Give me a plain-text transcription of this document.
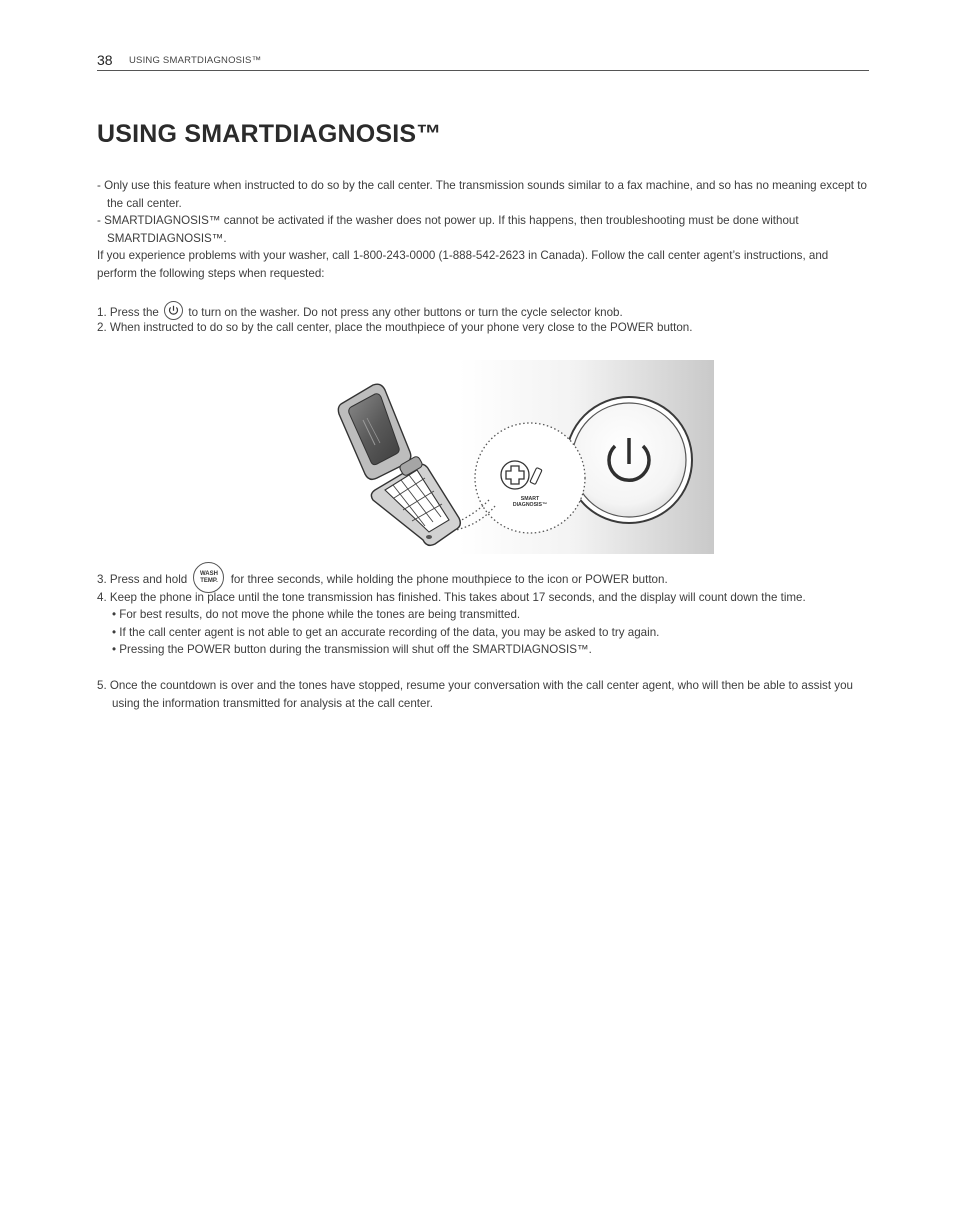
38 USING SMARTDIAGNOSIS™
USING SMARTDIAGNOSIS™

- Only use this feature when instructed to do so by the call center. The transmission sounds similar to a fax machine, and so has no meaning except to the call center.

- SMARTDIAGNOSIS™ cannot be activated if the washer does not power up. If this happens, then troubleshooting must be done without SMARTDIAGNOSIS™.

If you experience problems with your washer, call 1-800-243-0000 (1-888-542-2623 in Canada). Follow the call center agent’s instructions, and perform the following steps when requested:

1. Press the	to turn on the washer. Do not press any other buttons or turn the cycle selector knob.

2. When instructed to do so by the call center, place the mouthpiece of your phone very close to the POWER button.

SMART
DIAGNOSIS™

3. Press and hold	WASH
TEMP.	for three seconds, while holding the phone mouthpiece to the icon or POWER button.

4. Keep the phone in place until the tone transmission has finished. This takes about 17 seconds, and the display will count down the time.

• For best results, do not move the phone while the tones are being transmitted.

• If the call center agent is not able to get an accurate recording of the data, you may be asked to try again.

• Pressing the POWER button during the transmission will shut off the SMARTDIAGNOSIS™.

5. Once the countdown is over and the tones have stopped, resume your conversation with the call center agent, who will then be able to assist you using the information transmitted for analysis at the call center.
